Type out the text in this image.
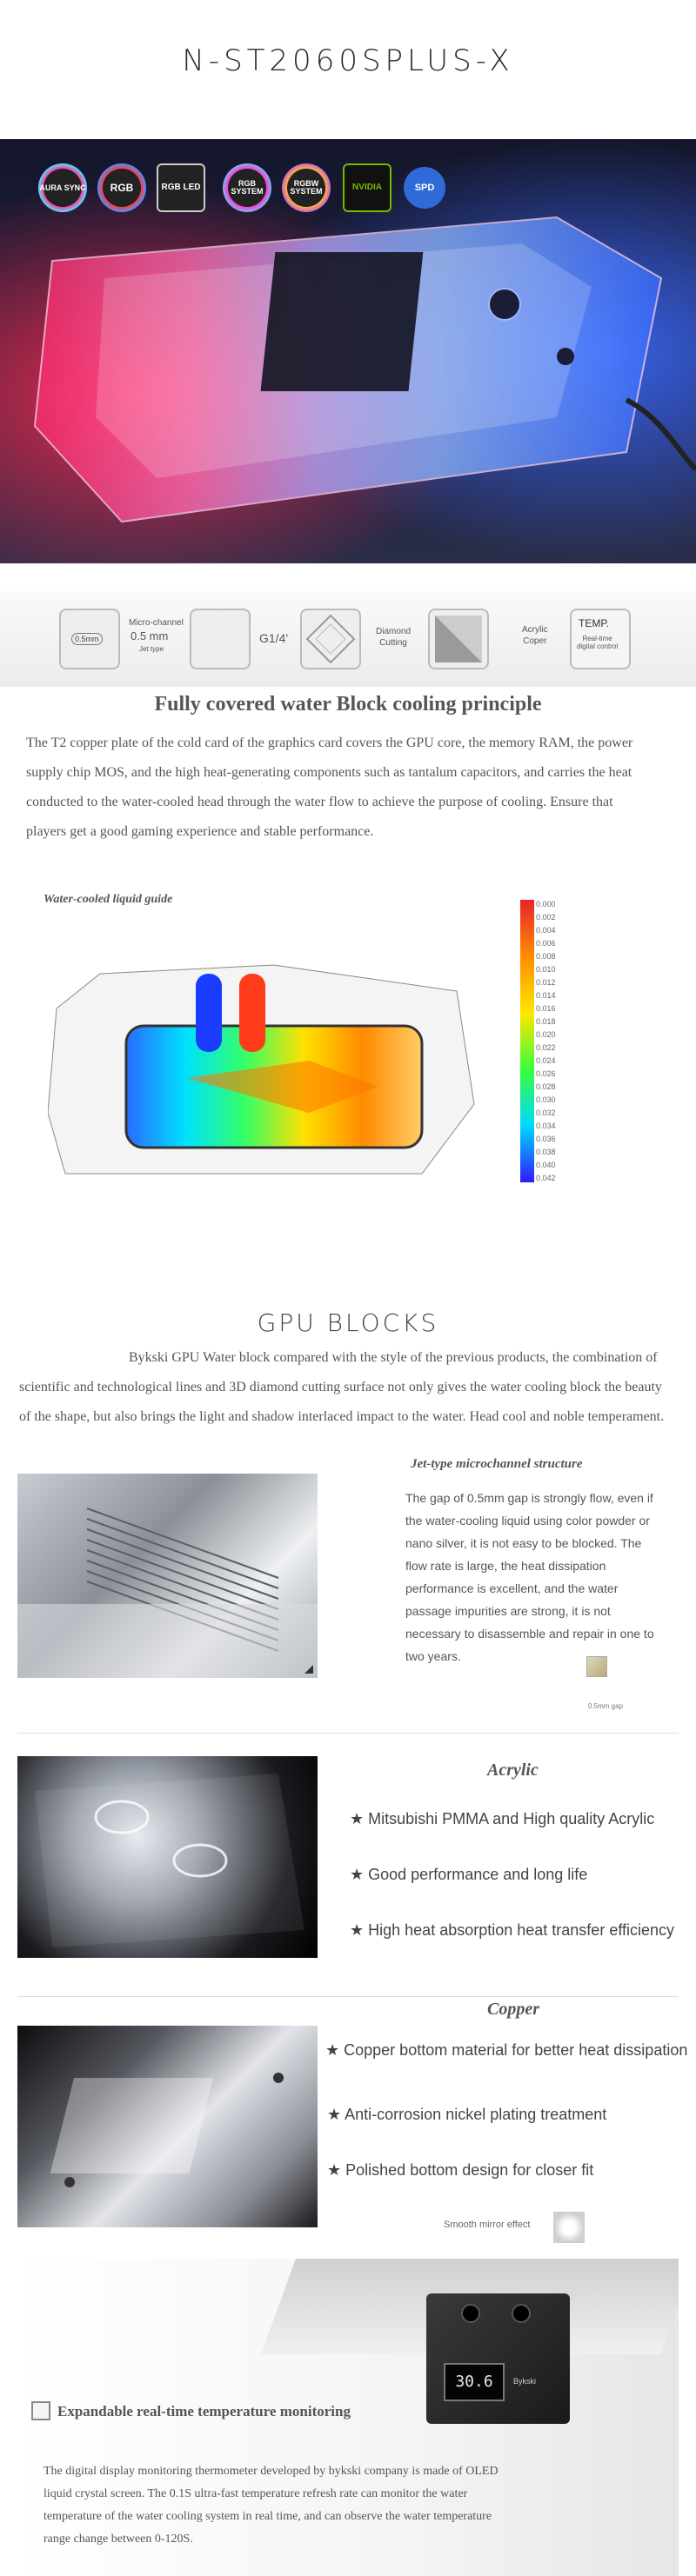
N-ST2060SPLUS-X
AURA SYNC	RGB	RGB LED	RGB SYSTEM
RGBW SYSTEM	NVIDIA	SPD
0.5mm
Micro-channel
0.5 mm
Jet type
G1/4'	Diamond
Cutting
Acrylic
Coper
TEMP.
Real-time
digital control
Fully covered water Block cooling principle
The T2 copper plate of the cold card of the graphics card covers the GPU core, the memory RAM, the power supply chip MOS, and the high heat-generating components such as tantalum capacitors, and carries the heat conducted to the water-cooled head through the water flow to achieve the purpose of cooling. Ensure that players get a good gaming experience and stable performance.
Water-cooled liquid guide	0.000
0.002
0.004
0.006
0.008
0.010
0.012
0.014
0.016
0.018
0.020
0.022
0.024
0.026
0.028
0.030
0.032
0.034
0.036
0.038
0.040
0.042
GPU BLOCKS
Bykski GPU Water block compared with the style of the previous products, the combination of scientific and technological lines and 3D diamond cutting surface not only gives the water cooling block the beauty of the shape, but also brings the light and shadow interlaced impact to the water. Head cool and noble temperament.
Jet-type microchannel structure
The gap of 0.5mm gap is strongly flow, even if the water-cooling liquid using color powder or nano silver, it is not easy to be blocked. The flow rate is large, the heat dissipation performance is excellent, and the water passage impurities are strong, it is not necessary to disassemble and repair in one to two years.
0.5mm gap
Acrylic
★ Mitsubishi PMMA and High quality Acrylic
★ Good performance and long life
★ High heat absorption heat transfer efficiency
Copper
★ Copper bottom material for better heat dissipation
★ Anti-corrosion nickel plating treatment
★ Polished bottom design for closer fit
Smooth mirror effect
30.6	Bykski
Expandable real-time temperature monitoring
The digital display monitoring thermometer developed by bykski company is made of OLED liquid crystal screen. The 0.1S ultra-fast temperature refresh rate can monitor the water temperature of the water cooling system in real time, and can observe the water temperature range change between 0-120S.
